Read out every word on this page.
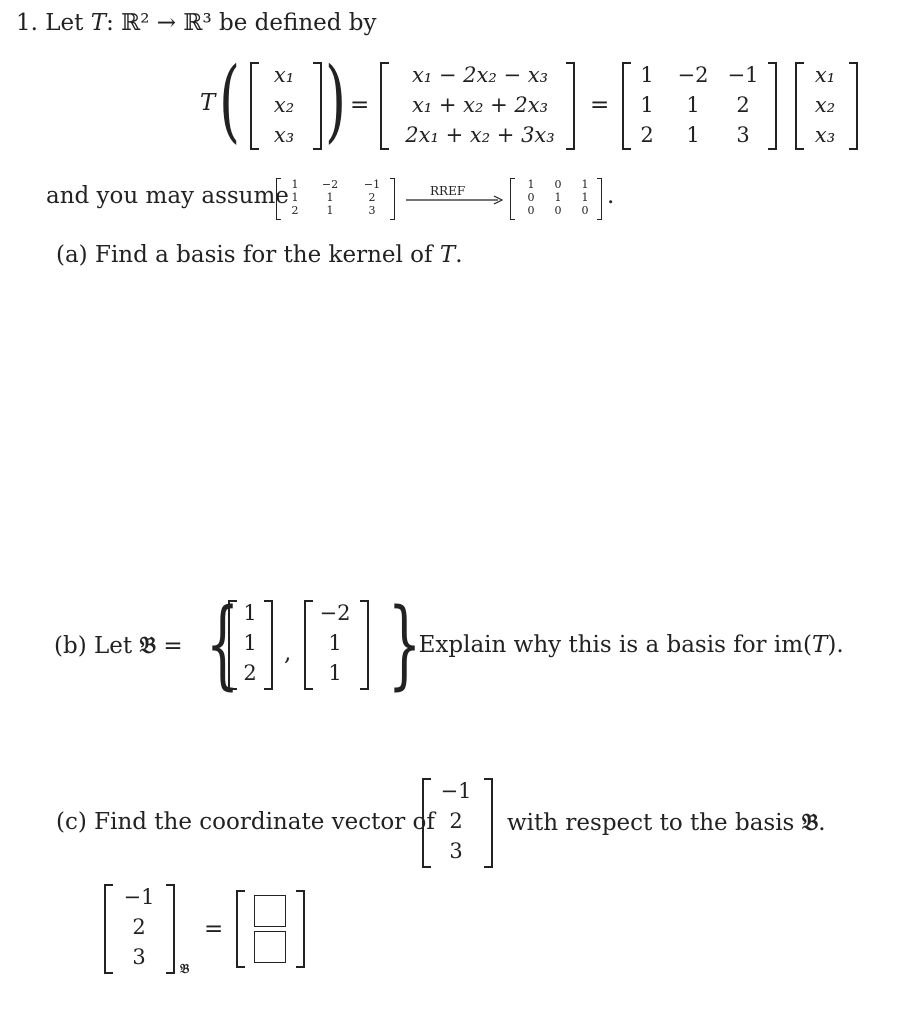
1. Let T: ℝ² → ℝ³ be defined by
T ( x₁
x₂
x₃ ) =
x₁ − 2x₂ − x₃
x₁ + x₂ + 2x₃
2x₁ + x₂ + 3x₃
=
1 −2 −1
1 1 2
2 1 3
x₁
x₂
x₃
and you may assume 1 −2 −1
1	1	2
2	1	3
RREF	1 0 1
0 1 1
0 0 0
.
(a) Find a basis for the kernel of T.
(b) Let 𝔅 = { 1
1
2
,
−2
1
1 }
. Explain why this is a basis for im(T).
(c) Find the coordinate vector of
−1
2
3
with respect to the basis 𝔅.
−1
2
3
𝔅
=
